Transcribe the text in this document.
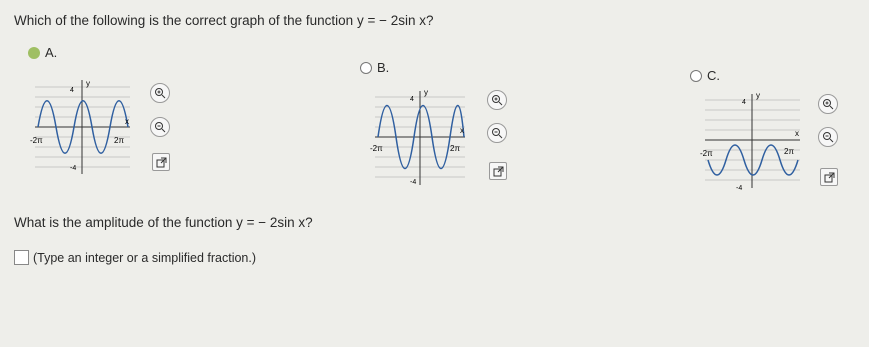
Which of the following is the correct graph of the function y = − 2sin x?
A.
B.
C.
y
4
x
-2π	2π
-4
y
4
x
-2π	2π
-4
y
4
x
-2π	2π
-4
What is the amplitude of the function y = − 2sin x?
(Type an integer or a simplified fraction.)
